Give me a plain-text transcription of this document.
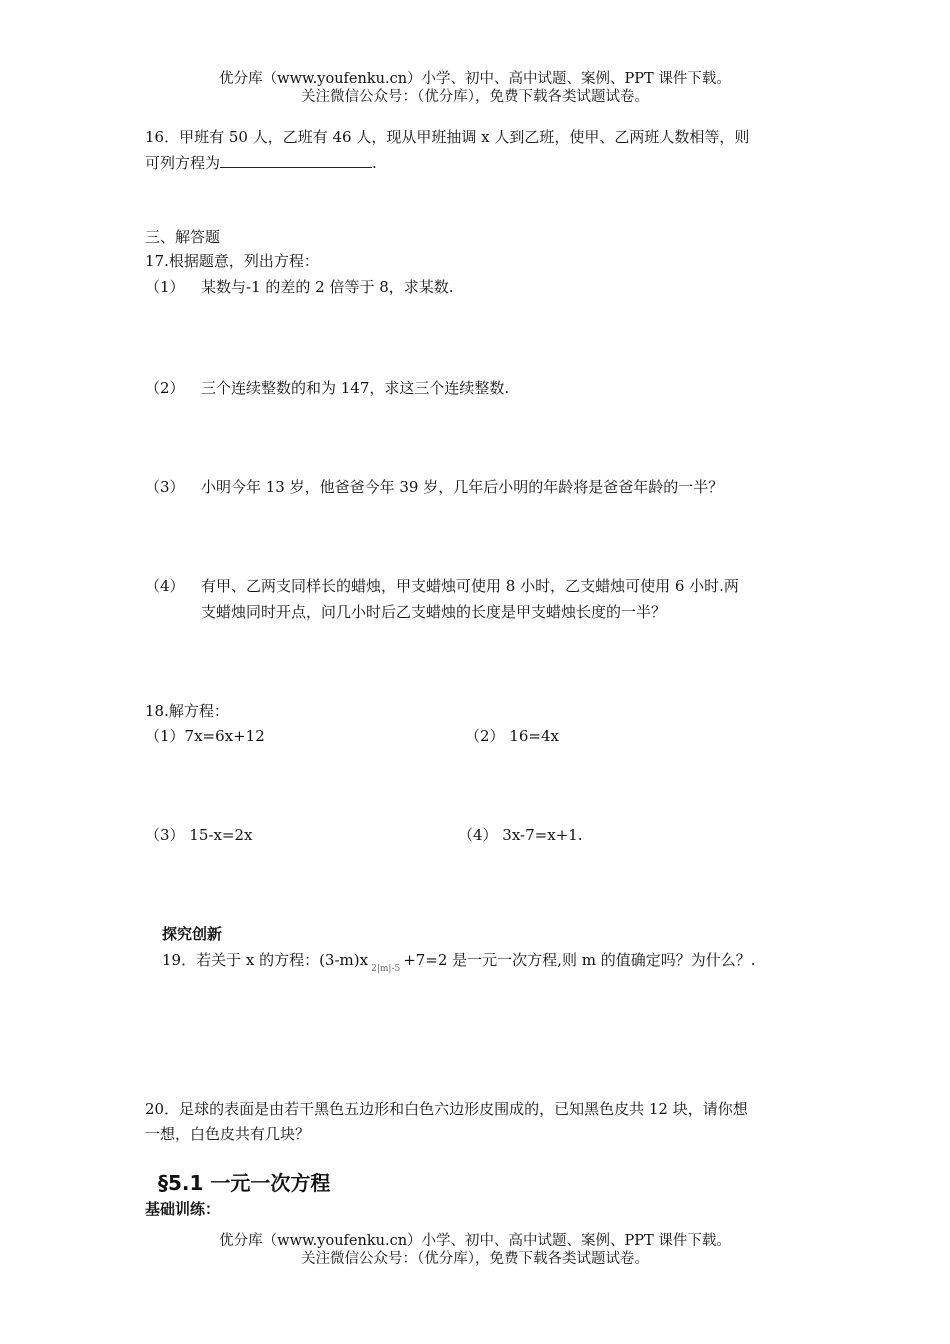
优分库（www.youfenku.cn）小学、初中、高中试题、案例、PPT 课件下载。
关注微信公众号：（优分库），免费下载各类试题试卷。
16．甲班有 50 人，乙班有 46 人，现从甲班抽调 x 人到乙班，使甲、乙两班人数相等，则
可列方程为	.
三、解答题
17.根据题意，列出方程：
（1） 某数与-1 的差的 2 倍等于 8，求某数.
（2） 三个连续整数的和为 147，求这三个连续整数.
（3） 小明今年 13 岁，他爸爸今年 39 岁，几年后小明的年龄将是爸爸年龄的一半？
（4） 有甲、乙两支同样长的蜡烛，甲支蜡烛可使用 8 小时，乙支蜡烛可使用 6 小时.两
支蜡烛同时开点，问几小时后乙支蜡烛的长度是甲支蜡烛长度的一半？
18.解方程：
（1）7x=6x+12	（2） 16=4x
（3） 15-x=2x	（4） 3x-7=x+1.
探究创新
19．若关于 x 的方程：(3-m)x $_{2|m|-5}$ +7=2 是一元一次方程,则 m 的值确定吗？为什么？.
20．足球的表面是由若干黑色五边形和白色六边形皮围成的，已知黑色皮共 12 块，请你想
一想，白色皮共有几块？
§5.1 一元一次方程
基础训练：
优分库（www.youfenku.cn）小学、初中、高中试题、案例、PPT 课件下载。
关注微信公众号：（优分库），免费下载各类试题试卷。
